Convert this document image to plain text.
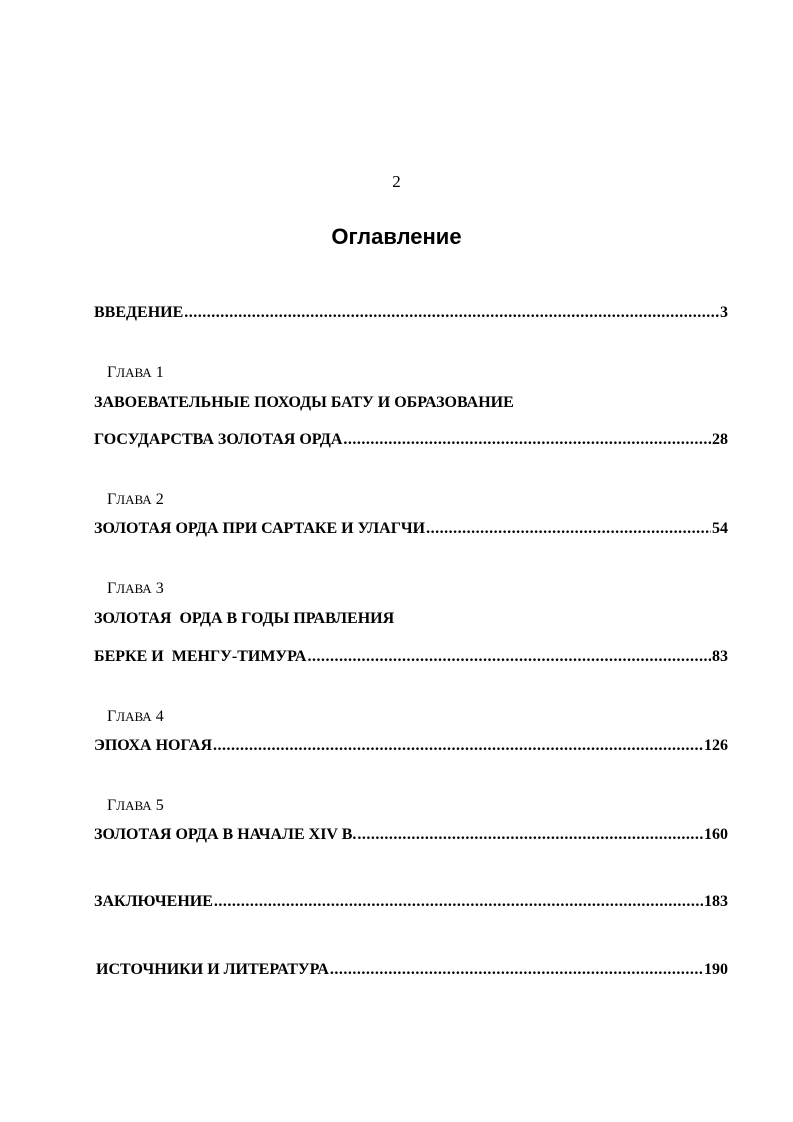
2
Оглавление
ВВЕДЕНИЕ .....	3
ГЛАВА 1
ЗАВОЕВАТЕЛЬНЫЕ ПОХОДЫ БАТУ И ОБРАЗОВАНИЕ
ГОСУДАРСТВА ЗОЛОТАЯ ОРДА .....	28
ГЛАВА 2
ЗОЛОТАЯ ОРДА ПРИ САРТАКЕ И УЛАГЧИ .....	54
ГЛАВА 3
ЗОЛОТАЯ  ОРДА В ГОДЫ ПРАВЛЕНИЯ
БЕРКЕ И  МЕНГУ-ТИМУРА .....	83
ГЛАВА 4
ЭПОХА НОГАЯ .....	126
ГЛАВА 5
ЗОЛОТАЯ ОРДА В НАЧАЛЕ XIV В. .....	160
ЗАКЛЮЧЕНИЕ .....	183
ИСТОЧНИКИ И ЛИТЕРАТУРА .....	190
